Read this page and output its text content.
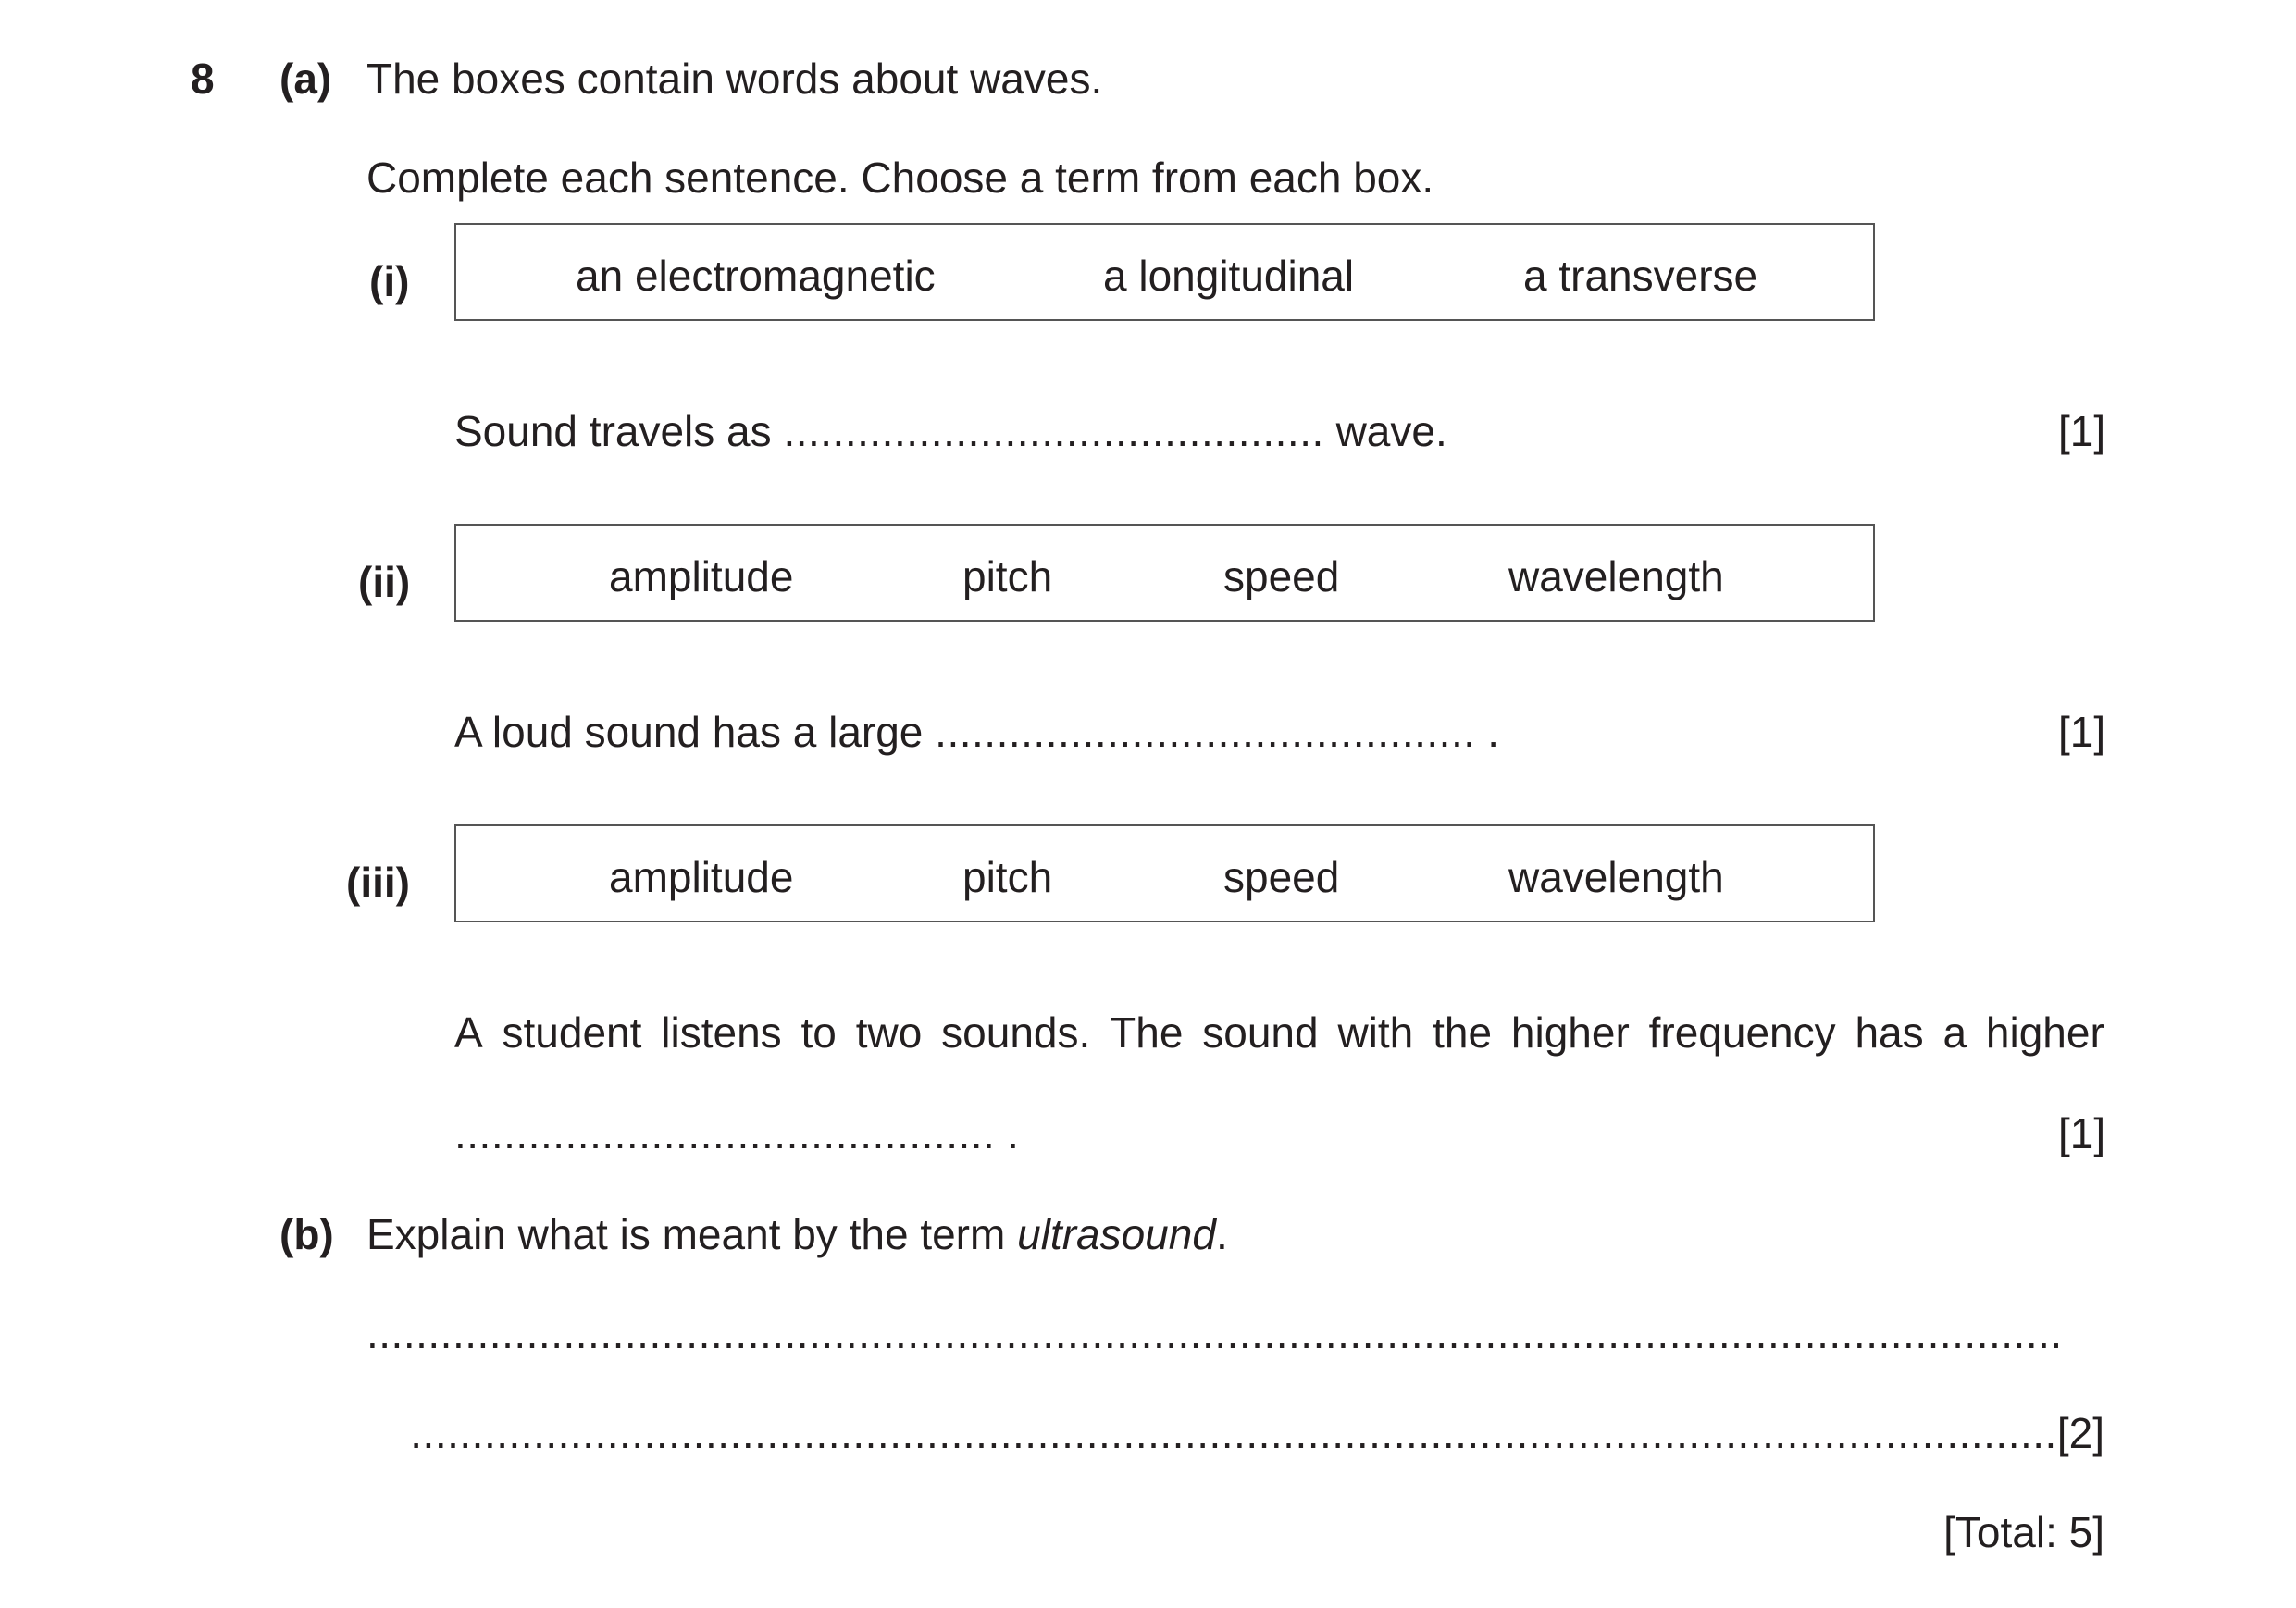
8 (a) The boxes contain words about waves.
Complete each sentence. Choose a term from each box.
(i)	an electromagnetic	a longitudinal	a transverse
Sound travels as ............................................ wave.	[1]
(ii)	amplitude	pitch	speed	wavelength
A loud sound has a large ............................................ .	[1]
(iii)	amplitude	pitch	speed	wavelength
A student listens to two sounds. The sound with the higher frequency has a higher
............................................ .	[1]
(b) Explain what is meant by the term ultrasound.
..........................................................................................................................................
...................................................................................................................................... [2]
[Total: 5]
